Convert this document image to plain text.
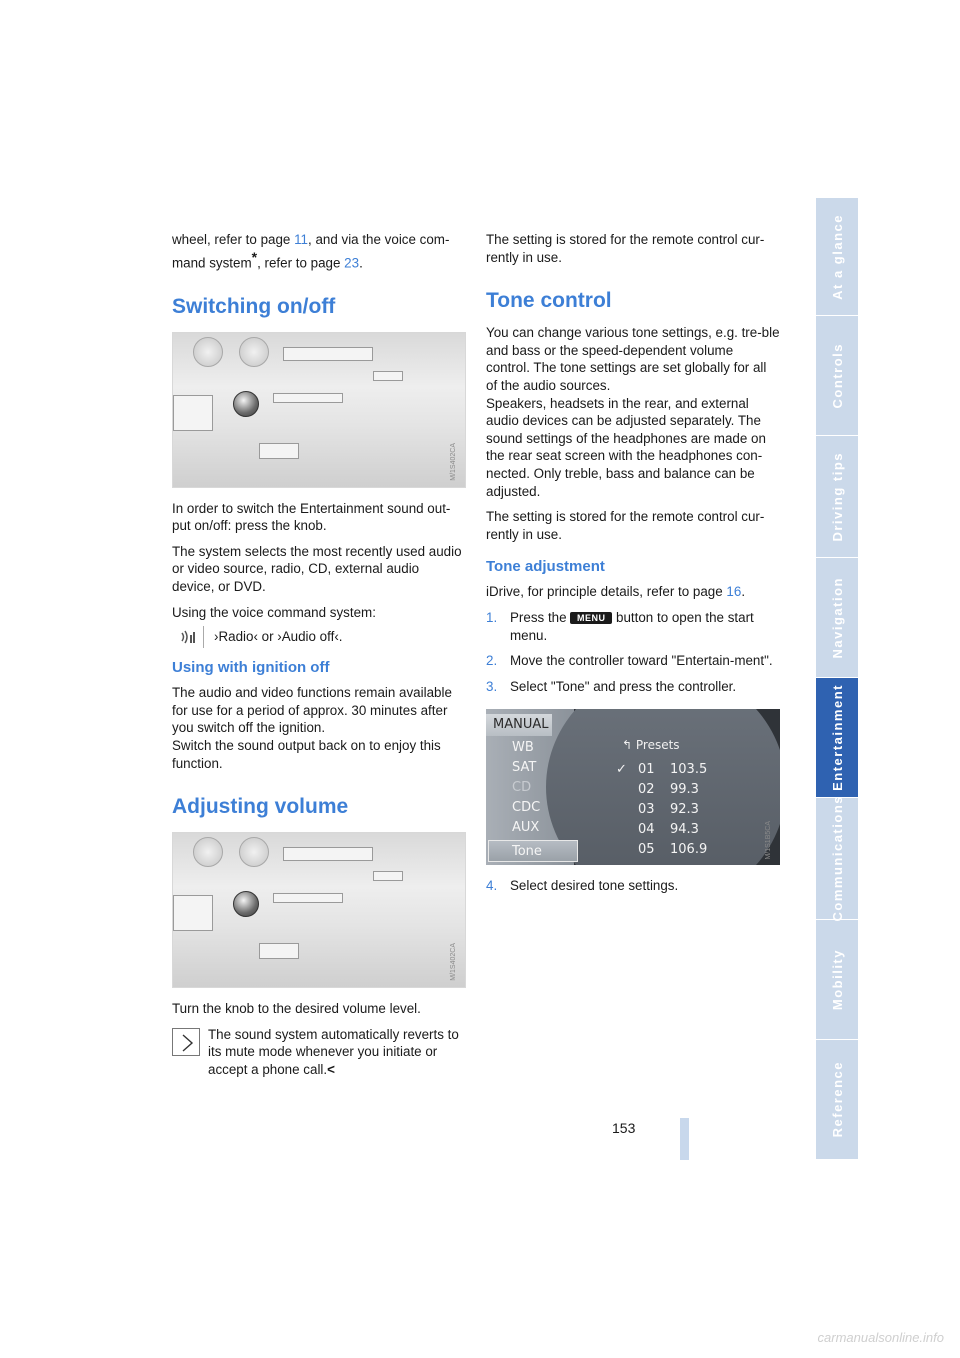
wheel, refer to page 11, and via the voice com-mand system*, refer to page 23.

Switching on/off
M/1S402CA

In order to switch the Entertainment sound out-put on/off: press the knob.

The system selects the most recently used audio or video source, radio, CD, external audio device, or DVD.

Using the voice command system:

›Radio‹ or ›Audio off‹.
Using with ignition off

The audio and video functions remain available for use for a period of approx. 30 minutes after you switch off the ignition.

Switch the sound output back on to enjoy this function.

Adjusting volume
M/1S402CA

Turn the knob to the desired volume level.

The sound system automatically reverts to its mute mode whenever you initiate or accept a phone call.<

The setting is stored for the remote control cur-rently in use.

Tone control

You can change various tone settings, e.g. tre-ble and bass or the speed-dependent volume control. The tone settings are set globally for all of the audio sources.

Speakers, headsets in the rear, and external audio devices can be adjusted separately. The sound settings of the headphones are made on the rear seat screen with the headphones con-nected. Only treble, bass and balance can be adjusted.

The setting is stored for the remote control cur-rently in use.

Tone adjustment

iDrive, for principle details, refer to page 16.

1. Press the MENU button to open the start menu.
2. Move the controller toward "Entertain-ment".
3. Select "Tone" and press the controller.
MANUAL
WB
SAT
CD
CDC
AUX
Tone
↰ Presets
✓ 01	103.5
02	99.3
03	92.3
04	94.3
05	106.9	M/1S1B5CA
4. Select desired tone settings.
At a glance
Controls
Driving tips
Navigation
Entertainment
Communications
Mobility
Reference
153
carmanualsonline.info
